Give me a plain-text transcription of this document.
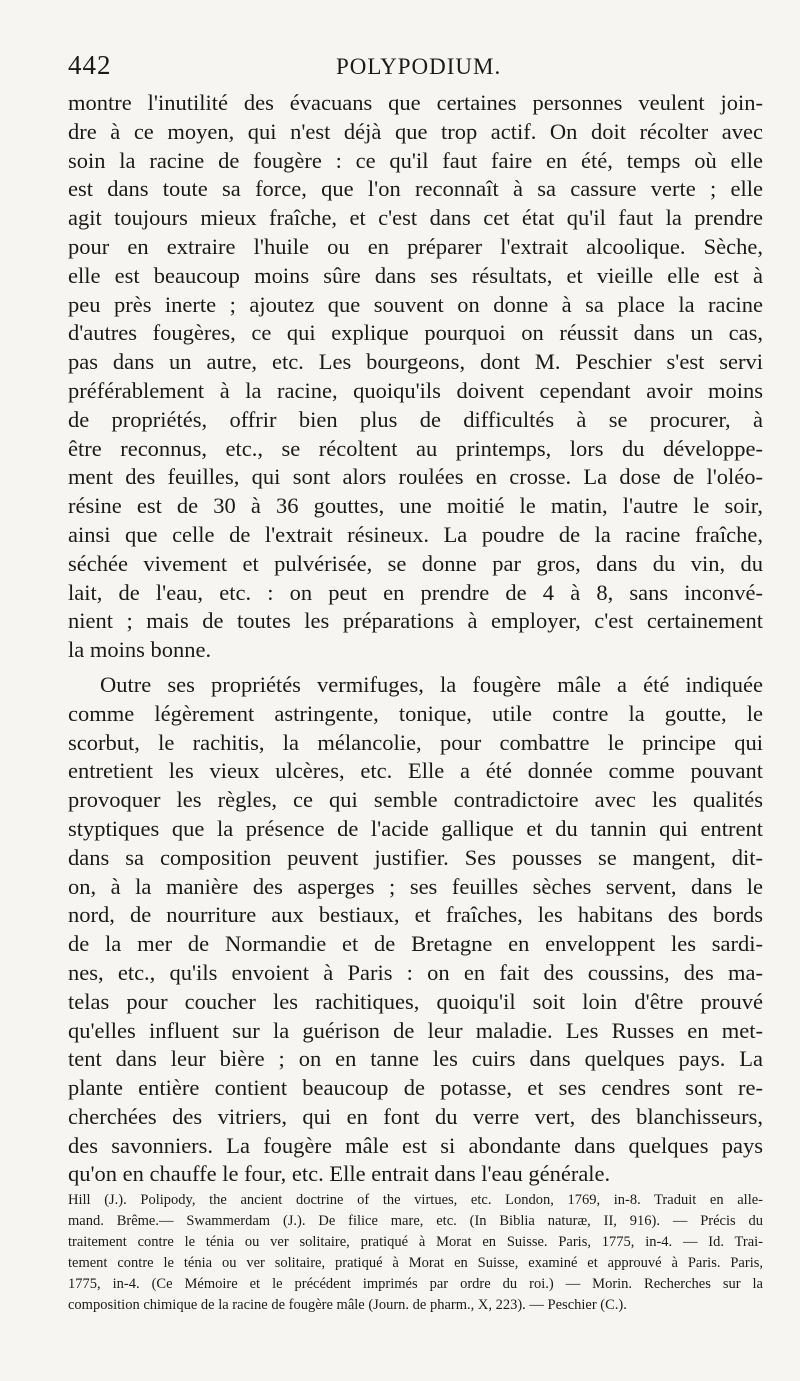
442	POLYPODIUM.
montre l'inutilité des évacuans que certaines personnes veulent join-
dre à ce moyen, qui n'est déjà que trop actif. On doit récolter avec
soin la racine de fougère : ce qu'il faut faire en été, temps où elle
est dans toute sa force, que l'on reconnaît à sa cassure verte ; elle
agit toujours mieux fraîche, et c'est dans cet état qu'il faut la prendre
pour en extraire l'huile ou en préparer l'extrait alcoolique. Sèche,
elle est beaucoup moins sûre dans ses résultats, et vieille elle est à
peu près inerte ; ajoutez que souvent on donne à sa place la racine
d'autres fougères, ce qui explique pourquoi on réussit dans un cas,
pas dans un autre, etc. Les bourgeons, dont M. Peschier s'est servi
préférablement à la racine, quoiqu'ils doivent cependant avoir moins
de propriétés, offrir bien plus de difficultés à se procurer, à
être reconnus, etc., se récoltent au printemps, lors du développe-
ment des feuilles, qui sont alors roulées en crosse. La dose de l'oléo-
résine est de 30 à 36 gouttes, une moitié le matin, l'autre le soir,
ainsi que celle de l'extrait résineux. La poudre de la racine fraîche,
séchée vivement et pulvérisée, se donne par gros, dans du vin, du
lait, de l'eau, etc. : on peut en prendre de 4 à 8, sans inconvé-
nient ; mais de toutes les préparations à employer, c'est certainement
la moins bonne.
Outre ses propriétés vermifuges, la fougère mâle a été indiquée
comme légèrement astringente, tonique, utile contre la goutte, le
scorbut, le rachitis, la mélancolie, pour combattre le principe qui
entretient les vieux ulcères, etc. Elle a été donnée comme pouvant
provoquer les règles, ce qui semble contradictoire avec les qualités
styptiques que la présence de l'acide gallique et du tannin qui entrent
dans sa composition peuvent justifier. Ses pousses se mangent, dit-
on, à la manière des asperges ; ses feuilles sèches servent, dans le
nord, de nourriture aux bestiaux, et fraîches, les habitans des bords
de la mer de Normandie et de Bretagne en enveloppent les sardi-
nes, etc., qu'ils envoient à Paris : on en fait des coussins, des ma-
telas pour coucher les rachitiques, quoiqu'il soit loin d'être prouvé
qu'elles influent sur la guérison de leur maladie. Les Russes en met-
tent dans leur bière ; on en tanne les cuirs dans quelques pays. La
plante entière contient beaucoup de potasse, et ses cendres sont re-
cherchées des vitriers, qui en font du verre vert, des blanchisseurs,
des savonniers. La fougère mâle est si abondante dans quelques pays
qu'on en chauffe le four, etc. Elle entrait dans l'eau générale.
Hill (J.). Polipody, the ancient doctrine of the virtues, etc. London, 1769, in-8. Traduit en alle-
mand. Brême.— Swammerdam (J.). De filice mare, etc. (In Biblia naturæ, II, 916). — Précis du
traitement contre le ténia ou ver solitaire, pratiqué à Morat en Suisse. Paris, 1775, in-4. — Id. Trai-
tement contre le ténia ou ver solitaire, pratiqué à Morat en Suisse, examiné et approuvé à Paris. Paris,
1775, in-4. (Ce Mémoire et le précédent imprimés par ordre du roi.) — Morin. Recherches sur la
composition chimique de la racine de fougère mâle (Journ. de pharm., X, 223). — Peschier (C.).
